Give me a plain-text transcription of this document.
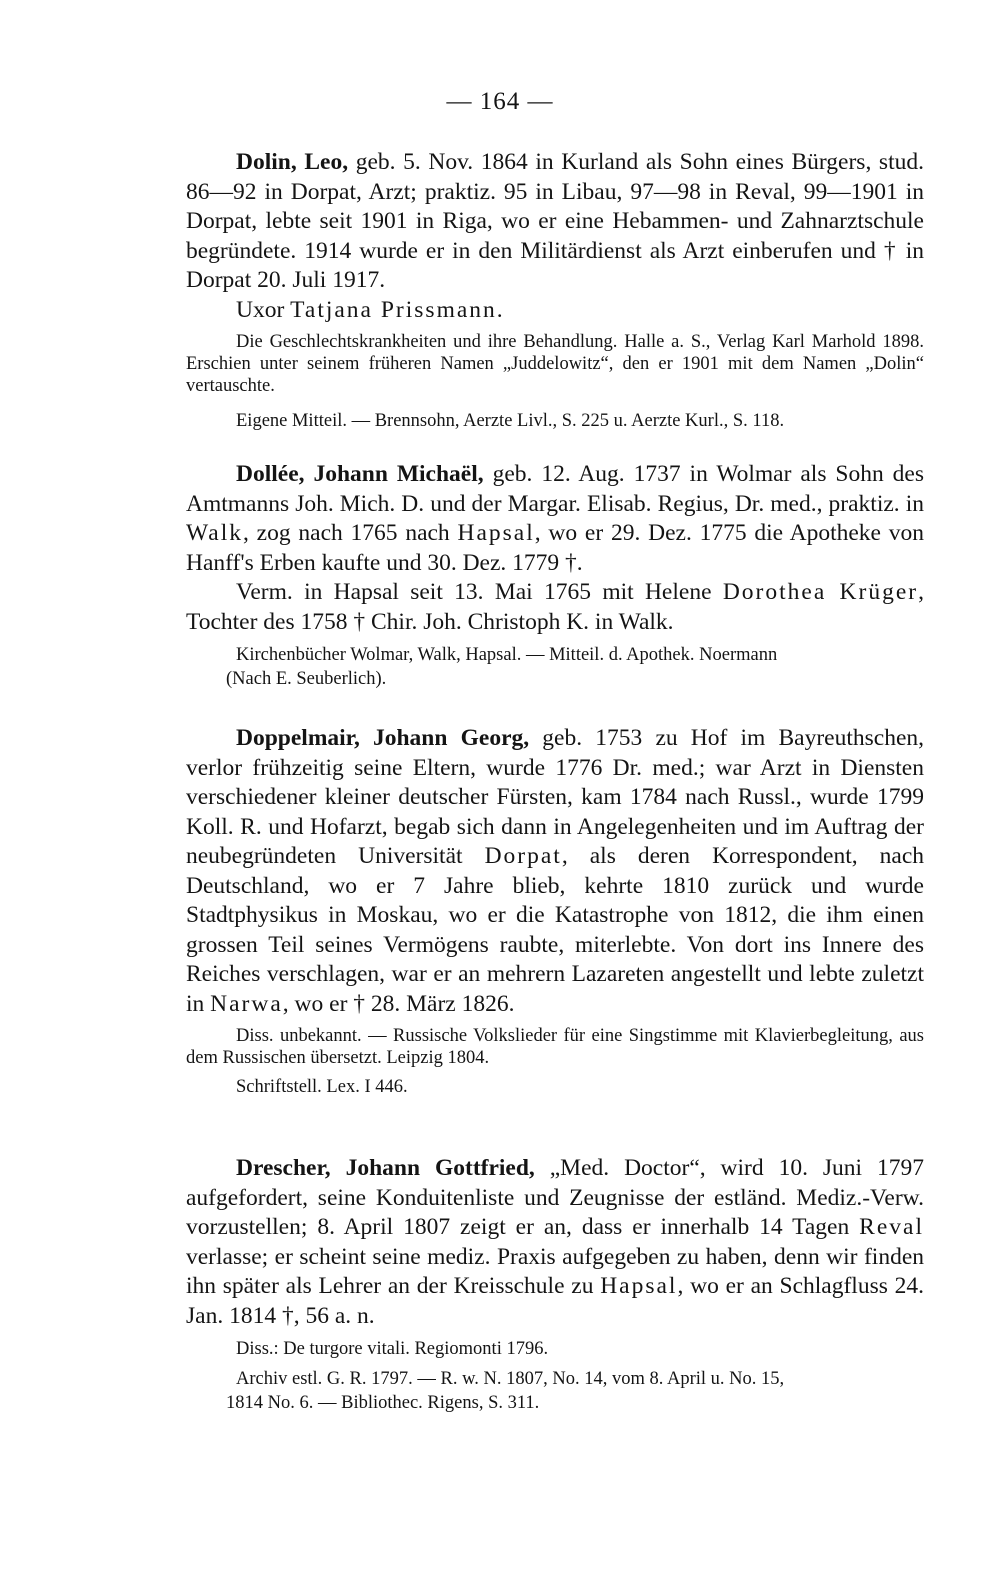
— 164 —

Dolin, Leo, geb. 5. Nov. 1864 in Kurland als Sohn eines Bürgers, stud. 86—92 in Dorpat, Arzt; praktiz. 95 in Libau, 97—98 in Reval, 99—1901 in Dorpat, lebte seit 1901 in Riga, wo er eine Hebammen- und Zahnarztschule begründete. 1914 wurde er in den Militärdienst als Arzt einberufen und † in Dorpat 20. Juli 1917.

Uxor Tatjana Prissmann.

Die Geschlechtskrankheiten und ihre Behandlung. Halle a. S., Verlag Karl Marhold 1898. Erschien unter seinem früheren Namen „Juddelowitz“, den er 1901 mit dem Namen „Dolin“ vertauschte.

Eigene Mitteil. — Brennsohn, Aerzte Livl., S. 225 u. Aerzte Kurl., S. 118.

Dollée, Johann Michaël, geb. 12. Aug. 1737 in Wolmar als Sohn des Amtmanns Joh. Mich. D. und der Margar. Elisab. Regius, Dr. med., praktiz. in Walk, zog nach 1765 nach Hapsal, wo er 29. Dez. 1775 die Apotheke von Hanff's Erben kaufte und 30. Dez. 1779 †.

Verm. in Hapsal seit 13. Mai 1765 mit Helene Dorothea Krüger, Tochter des 1758 † Chir. Joh. Christoph K. in Walk.

Kirchenbücher Wolmar, Walk, Hapsal. — Mitteil. d. Apothek. Noermann

(Nach E. Seuberlich).

Doppelmair, Johann Georg, geb. 1753 zu Hof im Bayreuthschen, verlor frühzeitig seine Eltern, wurde 1776 Dr. med.; war Arzt in Diensten verschiedener kleiner deutscher Fürsten, kam 1784 nach Russl., wurde 1799 Koll. R. und Hofarzt, begab sich dann in Angelegenheiten und im Auftrag der neubegründeten Universität Dorpat, als deren Korrespondent, nach Deutschland, wo er 7 Jahre blieb, kehrte 1810 zurück und wurde Stadtphysikus in Moskau, wo er die Katastrophe von 1812, die ihm einen grossen Teil seines Vermögens raubte, miterlebte. Von dort ins Innere des Reiches verschlagen, war er an mehrern Lazareten angestellt und lebte zuletzt in Narwa, wo er † 28. März 1826.

Diss. unbekannt. — Russische Volkslieder für eine Singstimme mit Klavierbegleitung, aus dem Russischen übersetzt. Leipzig 1804.

Schriftstell. Lex. I 446.

Drescher, Johann Gottfried, „Med. Doctor“, wird 10. Juni 1797 aufgefordert, seine Konduitenliste und Zeugnisse der estländ. Mediz.-Verw. vorzustellen; 8. April 1807 zeigt er an, dass er innerhalb 14 Tagen Reval verlasse; er scheint seine mediz. Praxis aufgegeben zu haben, denn wir finden ihn später als Lehrer an der Kreisschule zu Hapsal, wo er an Schlagfluss 24. Jan. 1814 †, 56 a. n.

Diss.: De turgore vitali. Regiomonti 1796.

Archiv estl. G. R. 1797. — R. w. N. 1807, No. 14, vom 8. April u. No. 15,

1814 No. 6. — Bibliothec. Rigens, S. 311.
